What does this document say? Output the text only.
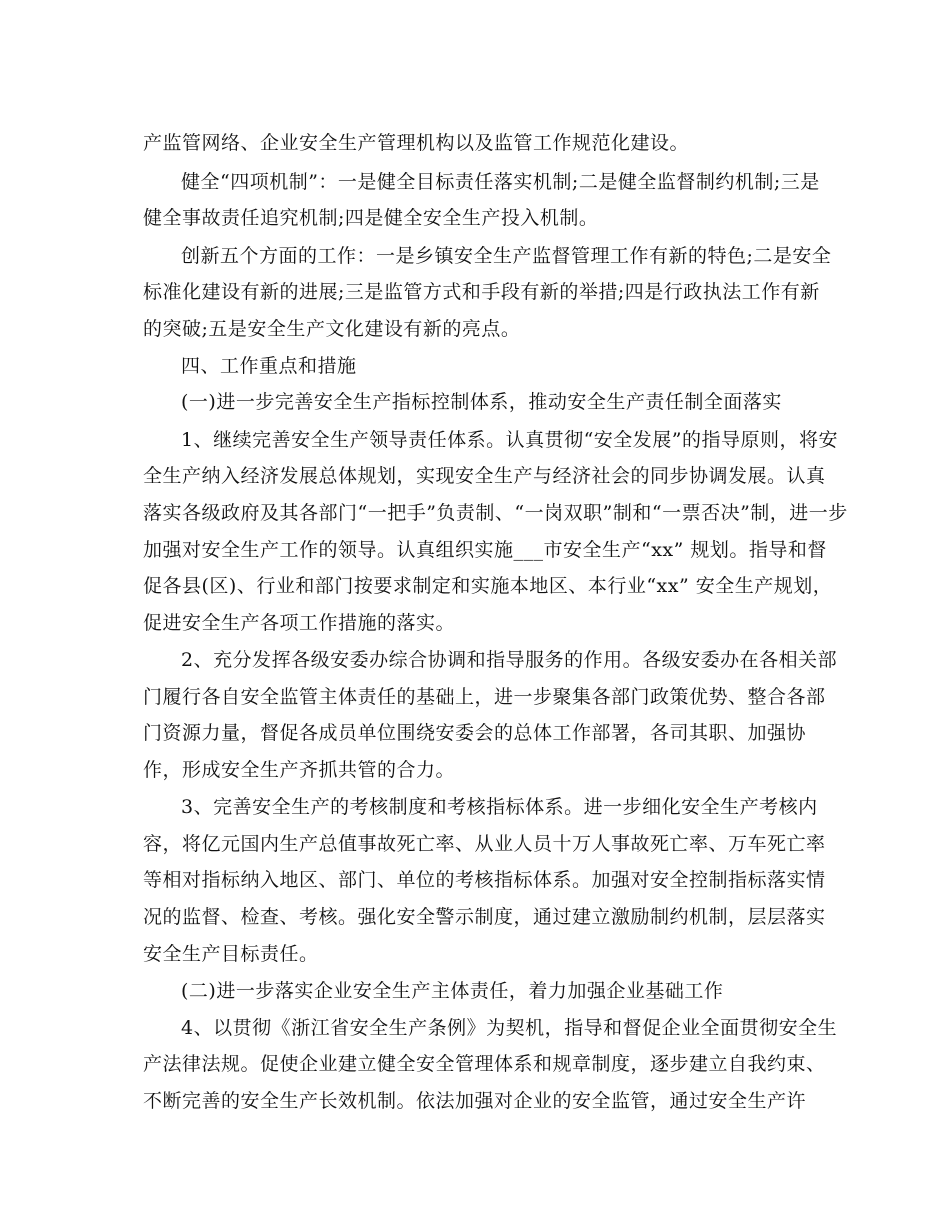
产监管网络、企业安全生产管理机构以及监管工作规范化建设。
健全“四项机制”：一是健全目标责任落实机制;二是健全监督制约机制;三是
健全事故责任追究机制;四是健全安全生产投入机制。
创新五个方面的工作：一是乡镇安全生产监督管理工作有新的特色;二是安全
标准化建设有新的进展;三是监管方式和手段有新的举措;四是行政执法工作有新
的突破;五是安全生产文化建设有新的亮点。
四、工作重点和措施
(一)进一步完善安全生产指标控制体系，推动安全生产责任制全面落实
1、继续完善安全生产领导责任体系。认真贯彻“安全发展”的指导原则，将安
全生产纳入经济发展总体规划，实现安全生产与经济社会的同步协调发展。认真
落实各级政府及其各部门“一把手”负责制、“一岗双职”制和“一票否决”制，进一步
加强对安全生产工作的领导。认真组织实施___市安全生产“xx” 规划。指导和督
促各县(区)、行业和部门按要求制定和实施本地区、本行业“xx” 安全生产规划，
促进安全生产各项工作措施的落实。
2、充分发挥各级安委办综合协调和指导服务的作用。各级安委办在各相关部
门履行各自安全监管主体责任的基础上，进一步聚集各部门政策优势、整合各部
门资源力量，督促各成员单位围绕安委会的总体工作部署，各司其职、加强协
作，形成安全生产齐抓共管的合力。
3、完善安全生产的考核制度和考核指标体系。进一步细化安全生产考核内
容，将亿元国内生产总值事故死亡率、从业人员十万人事故死亡率、万车死亡率
等相对指标纳入地区、部门、单位的考核指标体系。加强对安全控制指标落实情
况的监督、检查、考核。强化安全警示制度，通过建立激励制约机制，层层落实
安全生产目标责任。
(二)进一步落实企业安全生产主体责任，着力加强企业基础工作
4、以贯彻《浙江省安全生产条例》为契机，指导和督促企业全面贯彻安全生
产法律法规。促使企业建立健全安全管理体系和规章制度，逐步建立自我约束、
不断完善的安全生产长效机制。依法加强对企业的安全监管，通过安全生产许
